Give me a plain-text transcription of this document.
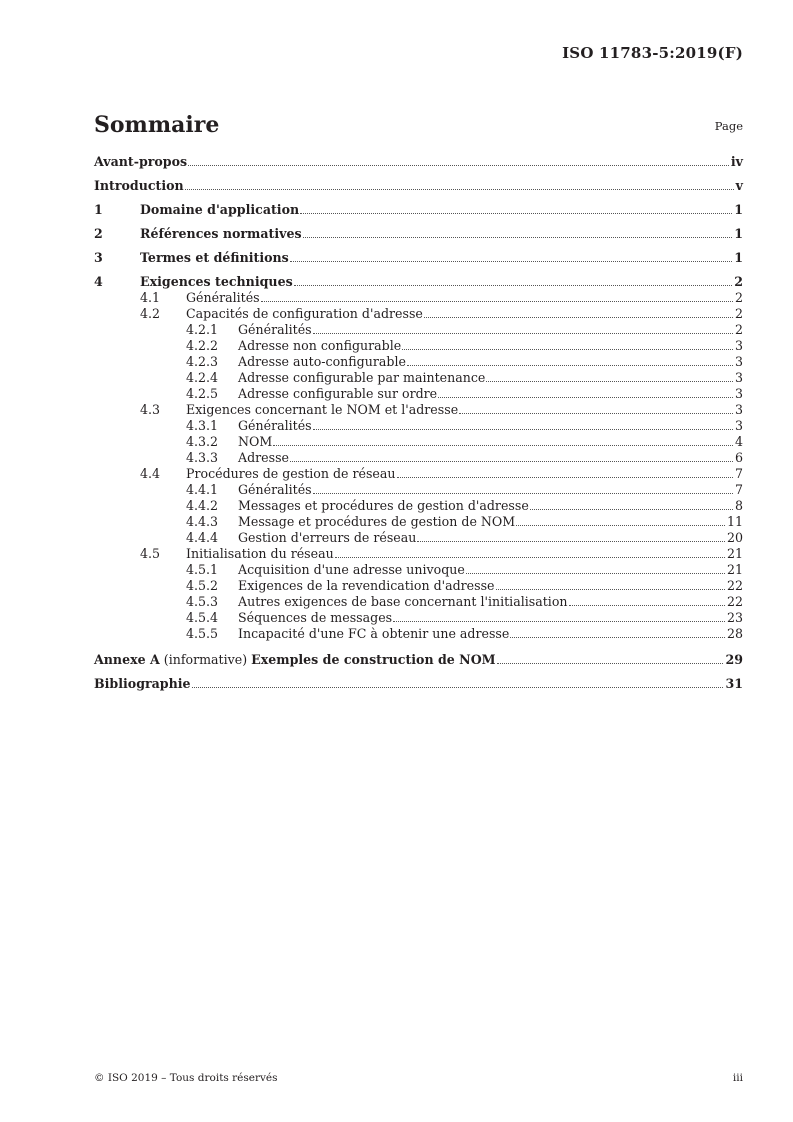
ISO 11783-5:2019(F)
Sommaire	Page
Avant-propos	iv
Introduction	v
1	Domaine d'application	1
2	Références normatives	1
3	Termes et définitions	1
4	Exigences techniques	2
4.1	Généralités	2
4.2	Capacités de configuration d'adresse	2
4.2.1	Généralités	2
4.2.2	Adresse non configurable	3
4.2.3	Adresse auto-configurable	3
4.2.4	Adresse configurable par maintenance	3
4.2.5	Adresse configurable sur ordre	3
4.3	Exigences concernant le NOM et l'adresse	3
4.3.1	Généralités	3
4.3.2	NOM	4
4.3.3	Adresse	6
4.4	Procédures de gestion de réseau	7
4.4.1	Généralités	7
4.4.2	Messages et procédures de gestion d'adresse	8
4.4.3	Message et procédures de gestion de NOM	11
4.4.4	Gestion d'erreurs de réseau	20
4.5	Initialisation du réseau	21
4.5.1	Acquisition d'une adresse univoque	21
4.5.2	Exigences de la revendication d'adresse	22
4.5.3	Autres exigences de base concernant l'initialisation	22
4.5.4	Séquences de messages	23
4.5.5	Incapacité d'une FC à obtenir une adresse	28
Annexe A (informative) Exemples de construction de NOM	29
Bibliographie	31
© ISO 2019 – Tous droits réservés	iii
